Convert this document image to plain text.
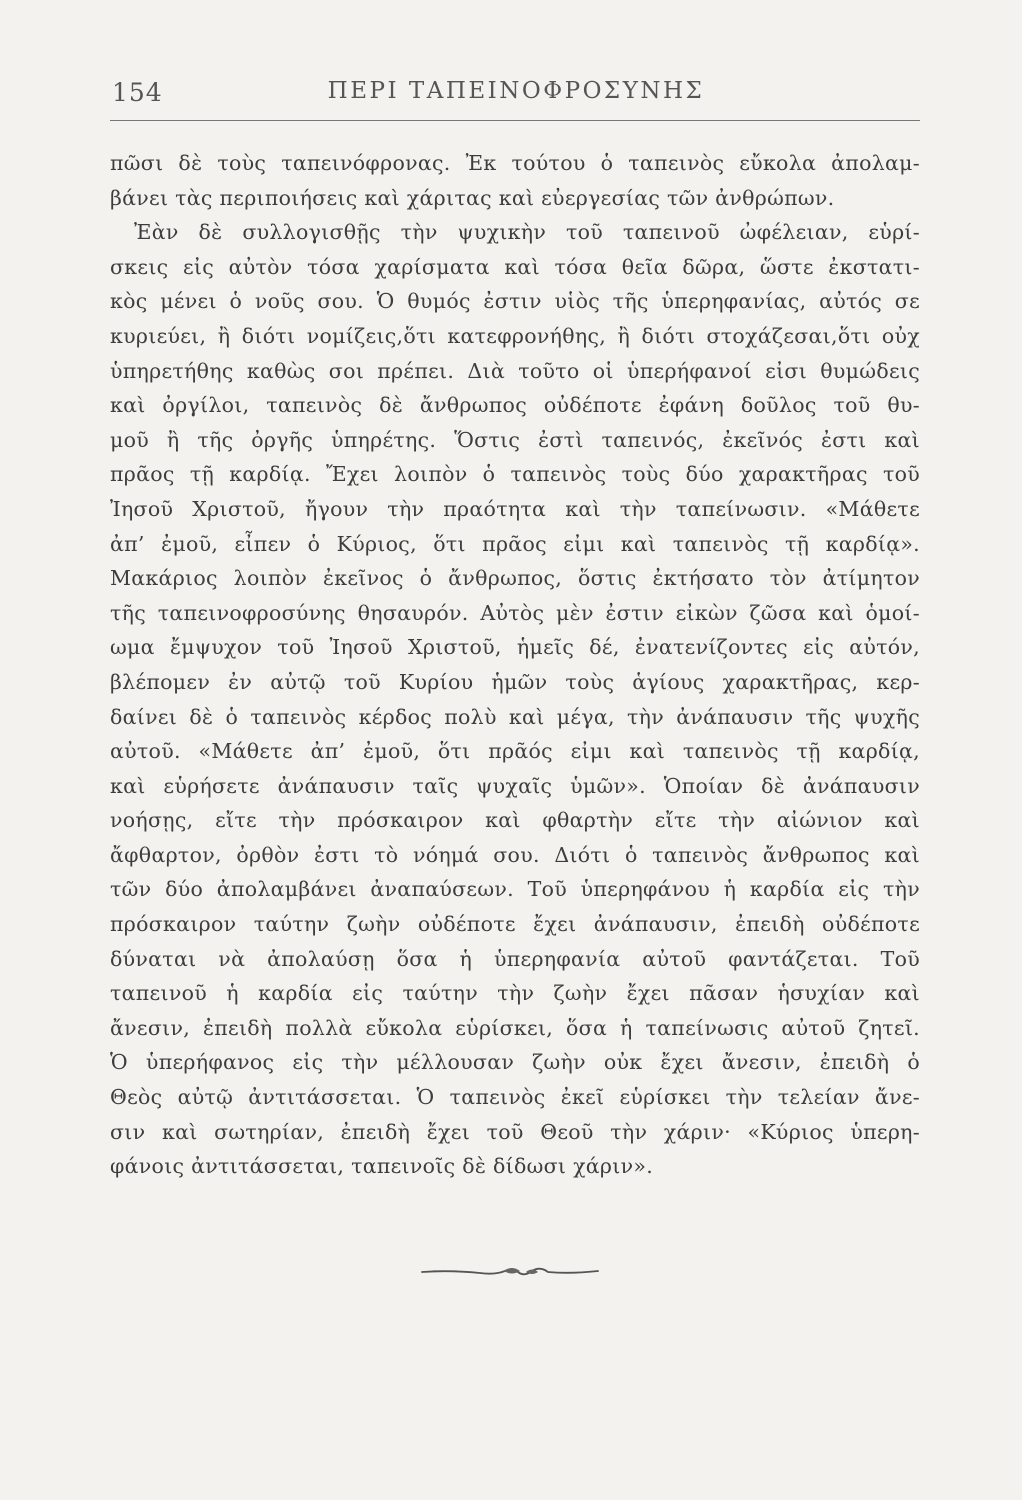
154	ΠΕΡΙ ΤΑΠΕΙΝΟΦΡΟΣΥΝΗΣ
πῶσι δὲ τοὺς ταπεινόφρονας. Ἐκ τούτου ὁ ταπεινὸς εὔκολα ἀπολαμ-
βάνει τὰς περιποιήσεις καὶ χάριτας καὶ εὐεργεσίας τῶν ἀνθρώπων.
Ἐὰν δὲ συλλογισθῇς τὴν ψυχικὴν τοῦ ταπεινοῦ ὠφέλειαν, εὑρί-
σκεις εἰς αὐτὸν τόσα χαρίσματα καὶ τόσα θεῖα δῶρα, ὥστε ἐκστατι-
κὸς μένει ὁ νοῦς σου. Ὁ θυμός ἐστιν υἱὸς τῆς ὑπερηφανίας, αὐτός σε
κυριεύει, ἢ διότι νομίζεις,ὅτι κατεφρονήθης, ἢ διότι στοχάζεσαι,ὅτι οὐχ
ὑπηρετήθης καθὼς σοι πρέπει. Διὰ τοῦτο οἱ ὑπερήφανοί εἰσι θυμώδεις
καὶ ὀργίλοι, ταπεινὸς δὲ ἄνθρωπος οὐδέποτε ἐφάνη δοῦλος τοῦ θυ-
μοῦ ἢ τῆς ὀργῆς ὑπηρέτης. Ὅστις ἐστὶ ταπεινός, ἐκεῖνός ἐστι καὶ
πρᾶος τῇ καρδίᾳ. Ἔχει λοιπὸν ὁ ταπεινὸς τοὺς δύο χαρακτῆρας τοῦ
Ἰησοῦ Χριστοῦ, ἤγουν τὴν πραότητα καὶ τὴν ταπείνωσιν. «Μάθετε
ἀπ’ ἐμοῦ, εἶπεν ὁ Κύριος, ὅτι πρᾶος εἰμι καὶ ταπεινὸς τῇ καρδίᾳ».
Μακάριος λοιπὸν ἐκεῖνος ὁ ἄνθρωπος, ὅστις ἐκτήσατο τὸν ἀτίμητον
τῆς ταπεινοφροσύνης θησαυρόν. Αὐτὸς μὲν ἐστιν εἰκὼν ζῶσα καὶ ὁμοί-
ωμα ἔμψυχον τοῦ Ἰησοῦ Χριστοῦ, ἡμεῖς δέ, ἐνατενίζοντες εἰς αὐτόν,
βλέπομεν ἐν αὐτῷ τοῦ Κυρίου ἡμῶν τοὺς ἁγίους χαρακτῆρας, κερ-
δαίνει δὲ ὁ ταπεινὸς κέρδος πολὺ καὶ μέγα, τὴν ἀνάπαυσιν τῆς ψυχῆς
αὐτοῦ. «Μάθετε ἀπ’ ἐμοῦ, ὅτι πρᾶός εἰμι καὶ ταπεινὸς τῇ καρδίᾳ,
καὶ εὑρήσετε ἀνάπαυσιν ταῖς ψυχαῖς ὑμῶν». Ὁποίαν δὲ ἀνάπαυσιν
νοήσῃς, εἴτε τὴν πρόσκαιρον καὶ φθαρτὴν εἴτε τὴν αἰώνιον καὶ
ἄφθαρτον, ὀρθὸν ἐστι τὸ νόημά σου. Διότι ὁ ταπεινὸς ἄνθρωπος καὶ
τῶν δύο ἀπολαμβάνει ἀναπαύσεων. Τοῦ ὑπερηφάνου ἡ καρδία εἰς τὴν
πρόσκαιρον ταύτην ζωὴν οὐδέποτε ἔχει ἀνάπαυσιν, ἐπειδὴ οὐδέποτε
δύναται νὰ ἀπολαύσῃ ὅσα ἡ ὑπερηφανία αὐτοῦ φαντάζεται. Τοῦ
ταπεινοῦ ἡ καρδία εἰς ταύτην τὴν ζωὴν ἔχει πᾶσαν ἡσυχίαν καὶ
ἄνεσιν, ἐπειδὴ πολλὰ εὔκολα εὑρίσκει, ὅσα ἡ ταπείνωσις αὐτοῦ ζητεῖ.
Ὁ ὑπερήφανος εἰς τὴν μέλλουσαν ζωὴν οὐκ ἔχει ἄνεσιν, ἐπειδὴ ὁ
Θεὸς αὐτῷ ἀντιτάσσεται. Ὁ ταπεινὸς ἐκεῖ εὑρίσκει τὴν τελείαν ἄνε-
σιν καὶ σωτηρίαν, ἐπειδὴ ἔχει τοῦ Θεοῦ τὴν χάριν· «Κύριος ὑπερη-
φάνοις ἀντιτάσσεται, ταπεινοῖς δὲ δίδωσι χάριν».
